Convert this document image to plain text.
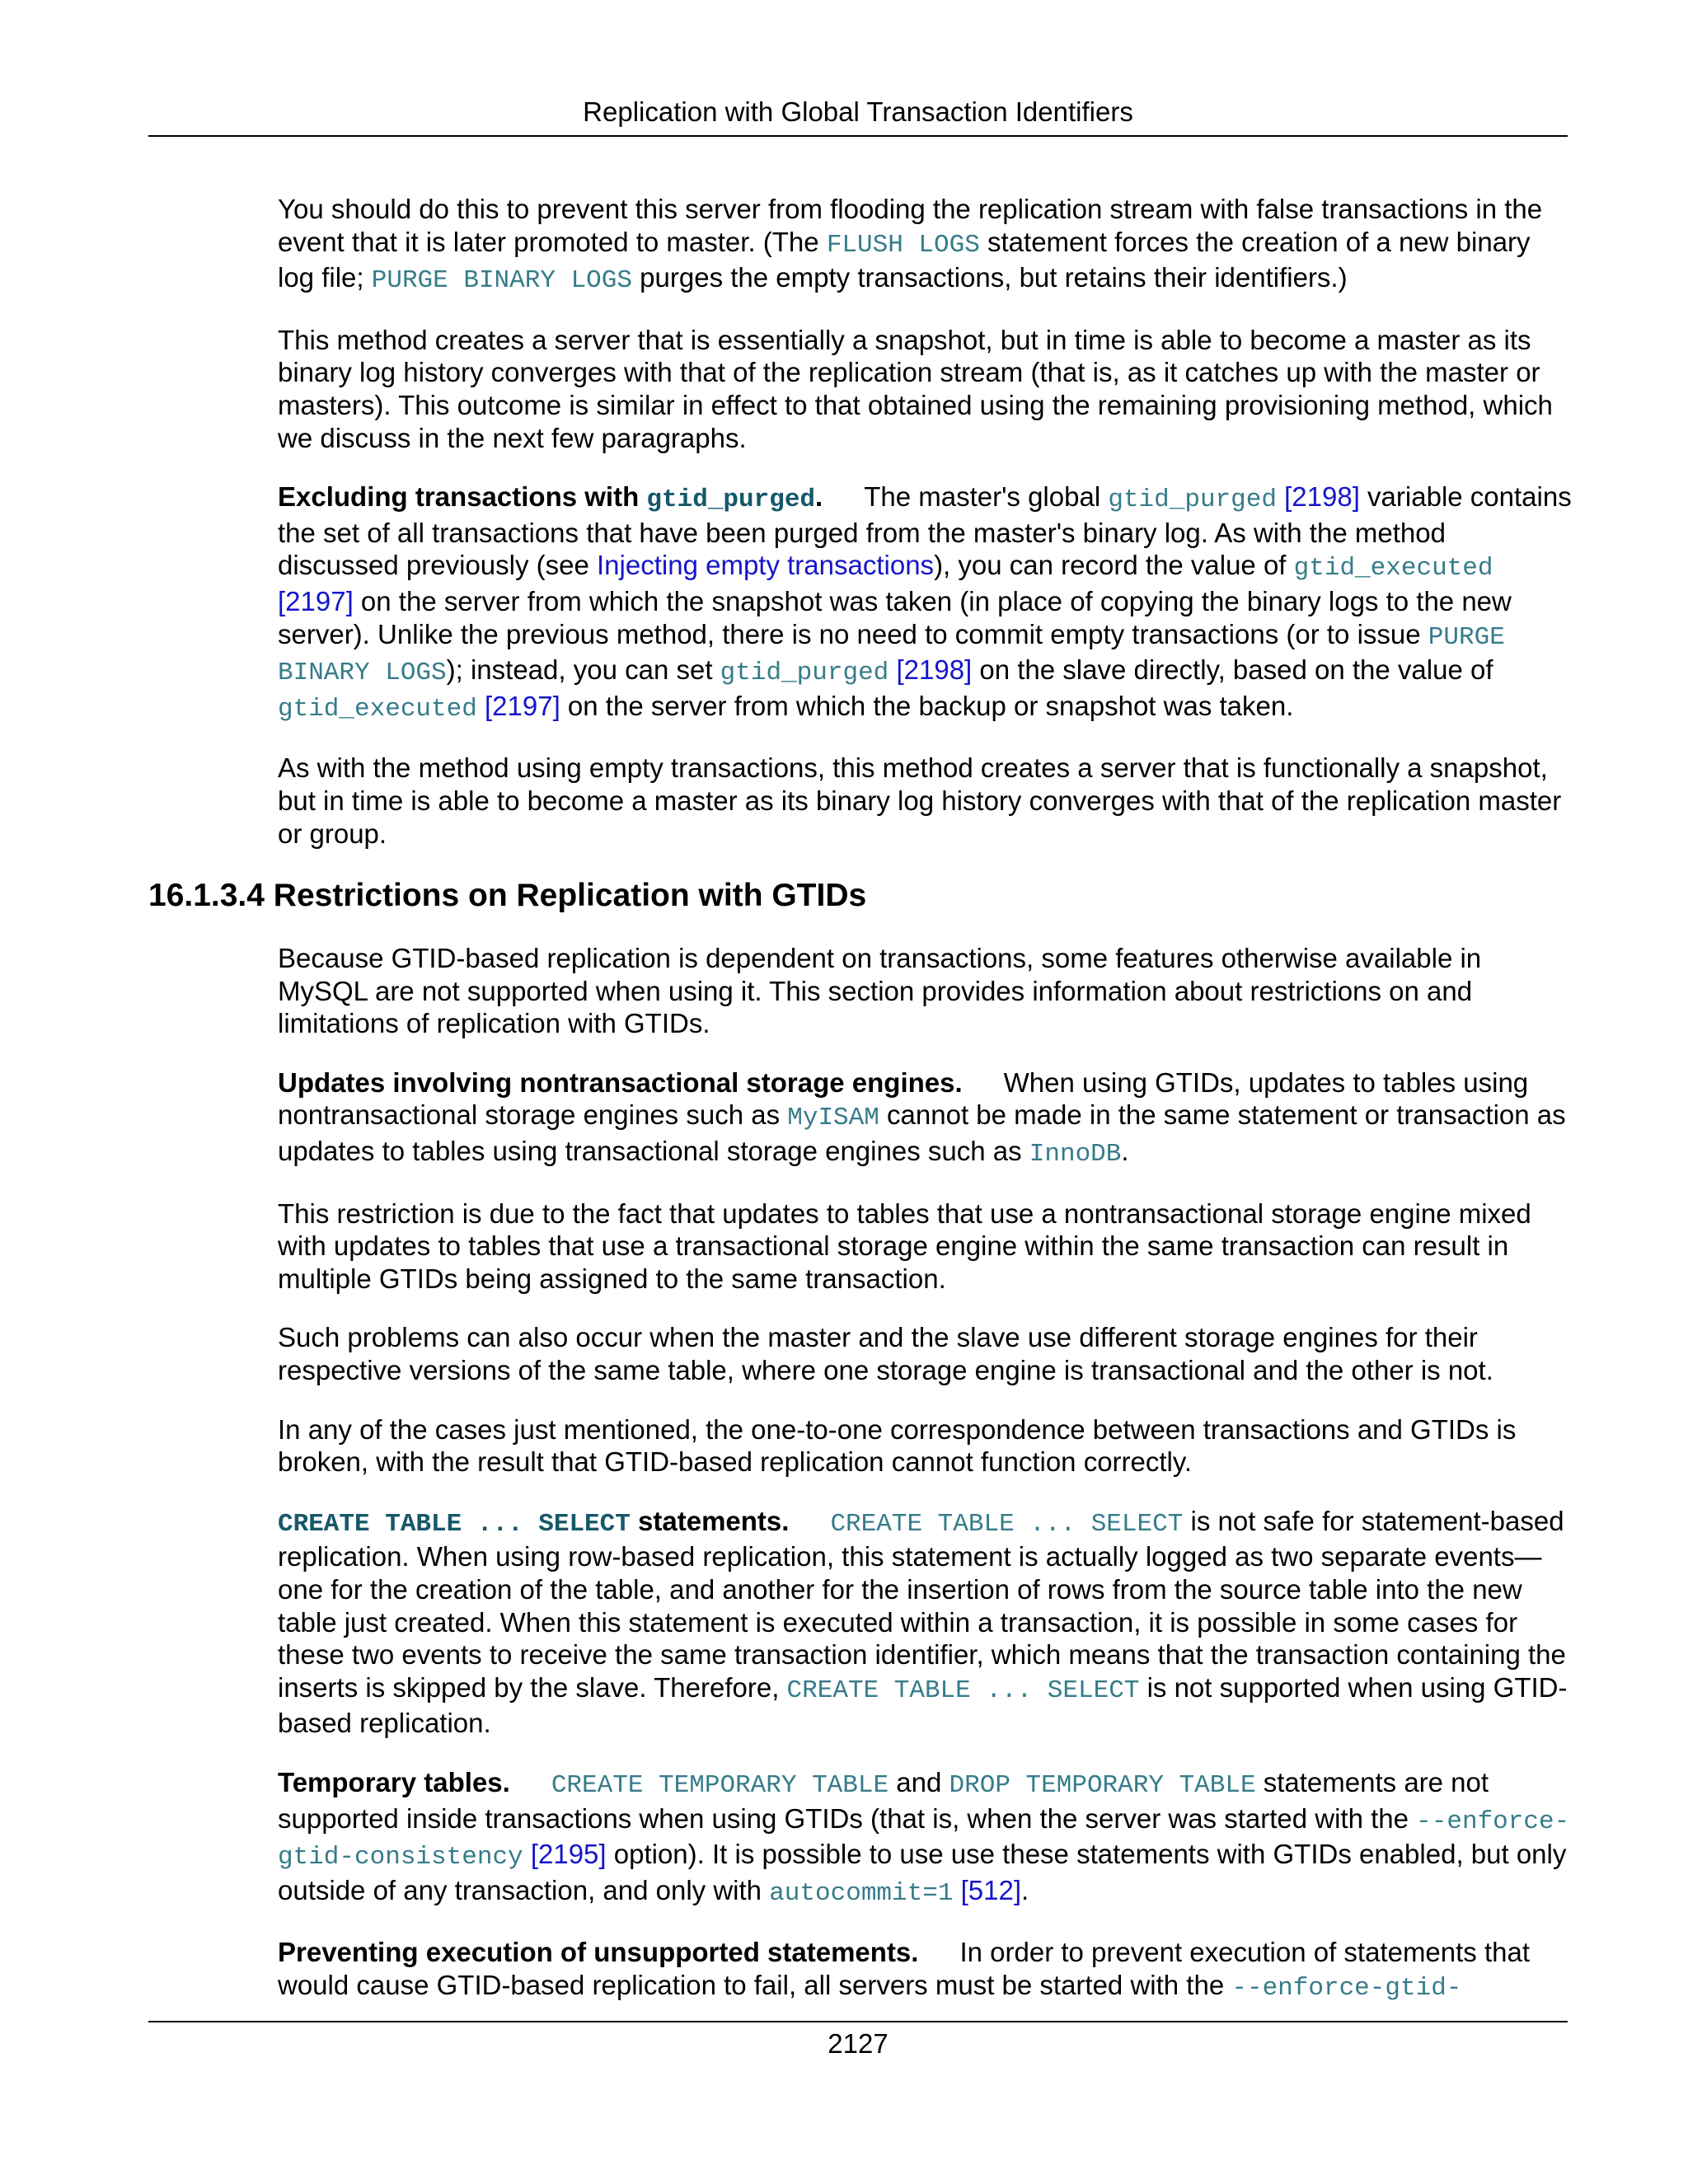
Replication with Global Transaction Identifiers

You should do this to prevent this server from flooding the replication stream with false transactions in the event that it is later promoted to master. (The FLUSH LOGS statement forces the creation of a new binary log file; PURGE BINARY LOGS purges the empty transactions, but retains their identifiers.)

This method creates a server that is essentially a snapshot, but in time is able to become a master as its binary log history converges with that of the replication stream (that is, as it catches up with the master or masters). This outcome is similar in effect to that obtained using the remaining provisioning method, which we discuss in the next few paragraphs.

Excluding transactions with gtid_purged. The master's global gtid_purged [2198] variable contains the set of all transactions that have been purged from the master's binary log. As with the method discussed previously (see Injecting empty transactions), you can record the value of gtid_executed [2197] on the server from which the snapshot was taken (in place of copying the binary logs to the new server). Unlike the previous method, there is no need to commit empty transactions (or to issue PURGE BINARY LOGS); instead, you can set gtid_purged [2198] on the slave directly, based on the value of gtid_executed [2197] on the server from which the backup or snapshot was taken.

As with the method using empty transactions, this method creates a server that is functionally a snapshot, but in time is able to become a master as its binary log history converges with that of the replication master or group.

16.1.3.4 Restrictions on Replication with GTIDs

Because GTID-based replication is dependent on transactions, some features otherwise available in MySQL are not supported when using it. This section provides information about restrictions on and limitations of replication with GTIDs.

Updates involving nontransactional storage engines. When using GTIDs, updates to tables using nontransactional storage engines such as MyISAM cannot be made in the same statement or transaction as updates to tables using transactional storage engines such as InnoDB.

This restriction is due to the fact that updates to tables that use a nontransactional storage engine mixed with updates to tables that use a transactional storage engine within the same transaction can result in multiple GTIDs being assigned to the same transaction.

Such problems can also occur when the master and the slave use different storage engines for their respective versions of the same table, where one storage engine is transactional and the other is not.

In any of the cases just mentioned, the one-to-one correspondence between transactions and GTIDs is broken, with the result that GTID-based replication cannot function correctly.

CREATE TABLE ... SELECT statements. CREATE TABLE ... SELECT is not safe for statement-based replication. When using row-based replication, this statement is actually logged as two separate events—one for the creation of the table, and another for the insertion of rows from the source table into the new table just created. When this statement is executed within a transaction, it is possible in some cases for these two events to receive the same transaction identifier, which means that the transaction containing the inserts is skipped by the slave. Therefore, CREATE TABLE ... SELECT is not supported when using GTID-based replication.

Temporary tables. CREATE TEMPORARY TABLE and DROP TEMPORARY TABLE statements are not supported inside transactions when using GTIDs (that is, when the server was started with the --enforce-gtid-consistency [2195] option). It is possible to use use these statements with GTIDs enabled, but only outside of any transaction, and only with autocommit=1 [512].

Preventing execution of unsupported statements. In order to prevent execution of statements that would cause GTID-based replication to fail, all servers must be started with the --enforce-gtid-

2127
